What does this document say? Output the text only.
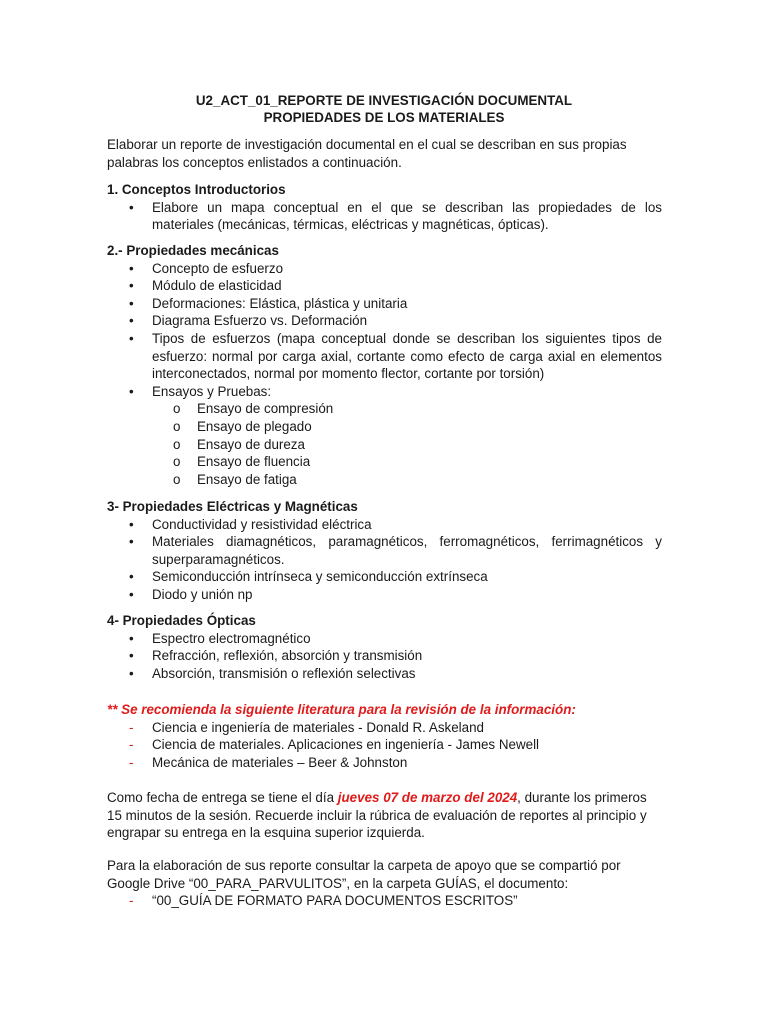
U2_ACT_01_REPORTE DE INVESTIGACIÓN DOCUMENTAL
PROPIEDADES DE LOS MATERIALES
Elaborar un reporte de investigación documental en el cual se describan en sus propias palabras los conceptos enlistados a continuación.
1. Conceptos Introductorios
• Elabore un mapa conceptual en el que se describan las propiedades de los materiales (mecánicas, térmicas, eléctricas y magnéticas, ópticas).
2.- Propiedades mecánicas
• Concepto de esfuerzo
• Módulo de elasticidad
• Deformaciones: Elástica, plástica y unitaria
• Diagrama Esfuerzo vs. Deformación
• Tipos de esfuerzos (mapa conceptual donde se describan los siguientes tipos de esfuerzo: normal por carga axial, cortante como efecto de carga axial en elementos interconectados, normal por momento flector, cortante por torsión)
• Ensayos y Pruebas:
o Ensayo de compresión
o Ensayo de plegado
o Ensayo de dureza
o Ensayo de fluencia
o Ensayo de fatiga
3- Propiedades Eléctricas y Magnéticas
• Conductividad y resistividad eléctrica
• Materiales diamagnéticos, paramagnéticos, ferromagnéticos, ferrimagnéticos y superparamagnéticos.
• Semiconducción intrínseca y semiconducción extrínseca
• Diodo y unión np
4- Propiedades Ópticas
• Espectro electromagnético
• Refracción, reflexión, absorción y transmisión
• Absorción, transmisión o reflexión selectivas
** Se recomienda la siguiente literatura para la revisión de la información:
- Ciencia e ingeniería de materiales - Donald R. Askeland
- Ciencia de materiales. Aplicaciones en ingeniería - James Newell
- Mecánica de materiales – Beer & Johnston
Como fecha de entrega se tiene el día jueves 07 de marzo del 2024, durante los primeros 15 minutos de la sesión. Recuerde incluir la rúbrica de evaluación de reportes al principio y engrapar su entrega en la esquina superior izquierda.
Para la elaboración de sus reporte consultar la carpeta de apoyo que se compartió por Google Drive “00_PARA_PARVULITOS”, en la carpeta GUÍAS, el documento:
- “00_GUÍA DE FORMATO PARA DOCUMENTOS ESCRITOS”
